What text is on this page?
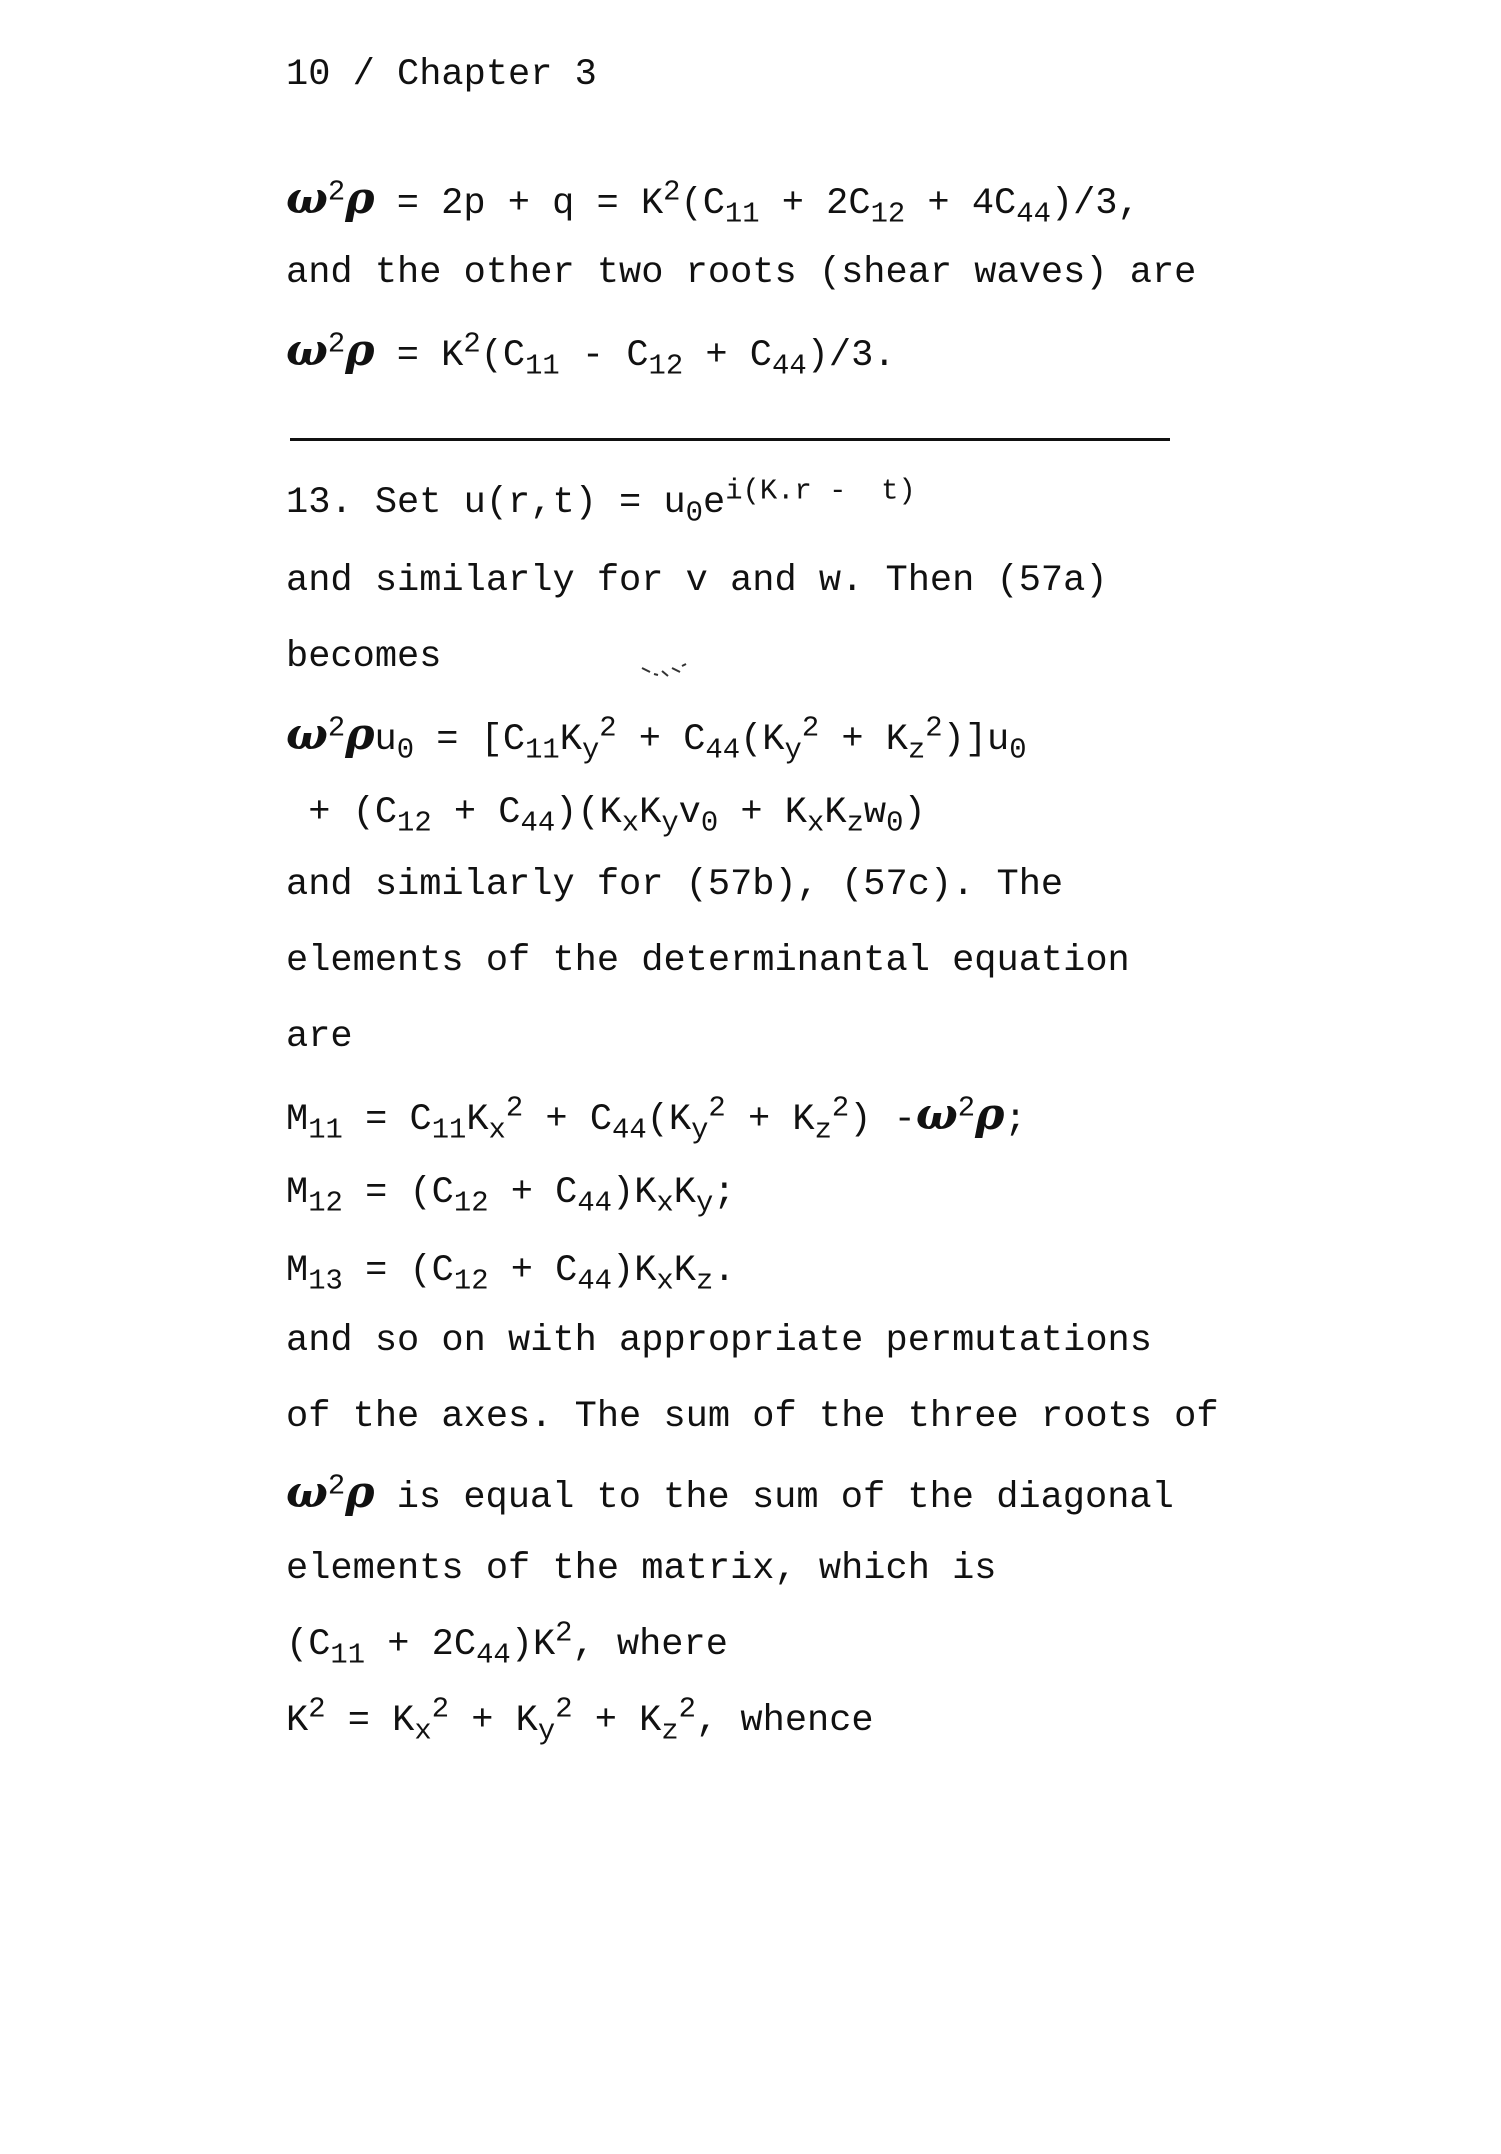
10 / Chapter 3
$\omega^2\rho = 2p + q = K^2(C_{11} + 2C_{12} + 4C_{44})/3$,
and the other two roots (shear waves) are
$\omega^2\rho = K^2(C_{11} - C_{12} + C_{44})/3$.
13. Set $u(r,t) = u_0e^{i(K.r - t)}$
and similarly for v and w. Then (57a)
becomes
$\omega^2\rho u_0 = [C_{11}K_y^2 + C_{44}(K_y^2 + K_z^2)]u_0$
+ $(C_{12} + C_{44})(K_xK_yv_0 + K_xK_zw_0)$
and similarly for (57b), (57c). The
elements of the determinantal equation
are
$M_{11} = C_{11}K_x^2 + C_{44}(K_y^2 + K_z^2)$ $-\omega^2\rho$;
$M_{12} = (C_{12} + C_{44})K_xK_y$;
$M_{13} = (C_{12} + C_{44})K_xK_z$.
and so on with appropriate permutations
of the axes. The sum of the three roots of
$\omega^2\rho$ is equal to the sum of the diagonal
elements of the matrix, which is
$(C_{11} + 2C_{44})K^2$, where
$K^2 = K_x^2 + K_y^2 + K_z^2$, whence
